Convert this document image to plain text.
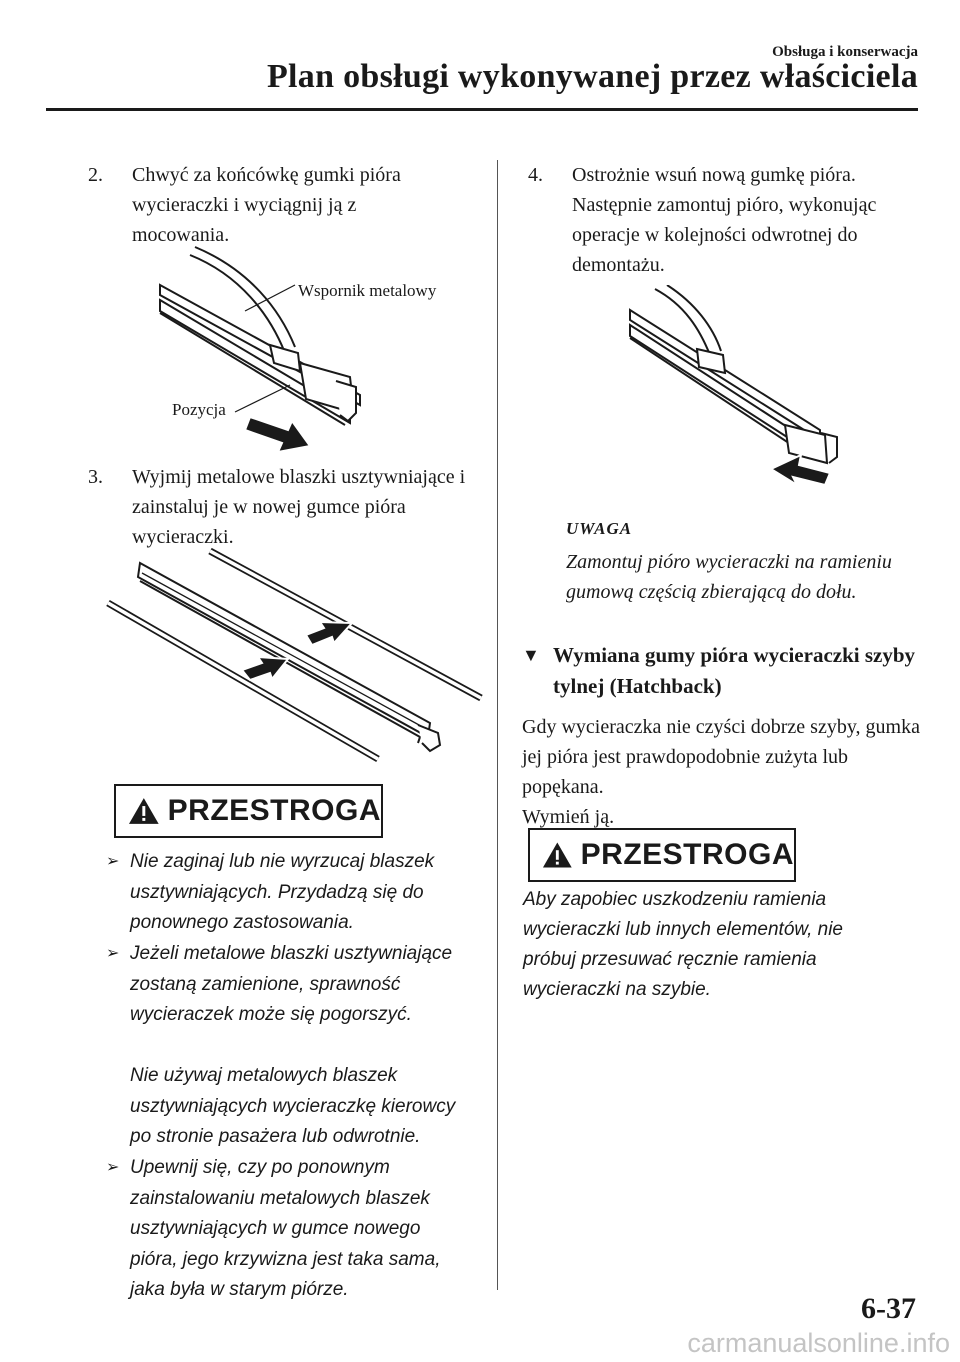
Obsługa i konserwacja
Plan obsługi wykonywanej przez właściciela
2. Chwyć za końcówkę gumki pióra wycieraczki i wyciągnij ją z mocowania.
Wspornik metalowy
Pozycja
3. Wyjmij metalowe blaszki usztywniające i zainstaluj je w nowej gumce pióra wycieraczki.
PRZESTROGA
➢ Nie zaginaj lub nie wyrzucaj blaszek usztywniających. Przydadzą się do ponownego zastosowania.
➢ Jeżeli metalowe blaszki usztywniające zostaną zamienione, sprawność wycieraczek może się pogorszyć.
Nie używaj metalowych blaszek usztywniających wycieraczkę kierowcy po stronie pasażera lub odwrotnie.
➢ Upewnij się, czy po ponownym zainstalowaniu metalowych blaszek usztywniających w gumce nowego pióra, jego krzywizna jest taka sama, jaka była w starym piórze.
4. Ostrożnie wsuń nową gumkę pióra. Następnie zamontuj pióro, wykonując operacje w kolejności odwrotnej do demontażu.
UWAGA
Zamontuj pióro wycieraczki na ramieniu gumową częścią zbierającą do dołu.
▼ Wymiana gumy pióra wycieraczki szyby tylnej (Hatchback)
Gdy wycieraczka nie czyści dobrze szyby, gumka jej pióra jest prawdopodobnie zużyta lub popękana.
Wymień ją.
PRZESTROGA
Aby zapobiec uszkodzeniu ramienia wycieraczki lub innych elementów, nie próbuj przesuwać ręcznie ramienia wycieraczki na szybie.
6-37
carmanualsonline.info
